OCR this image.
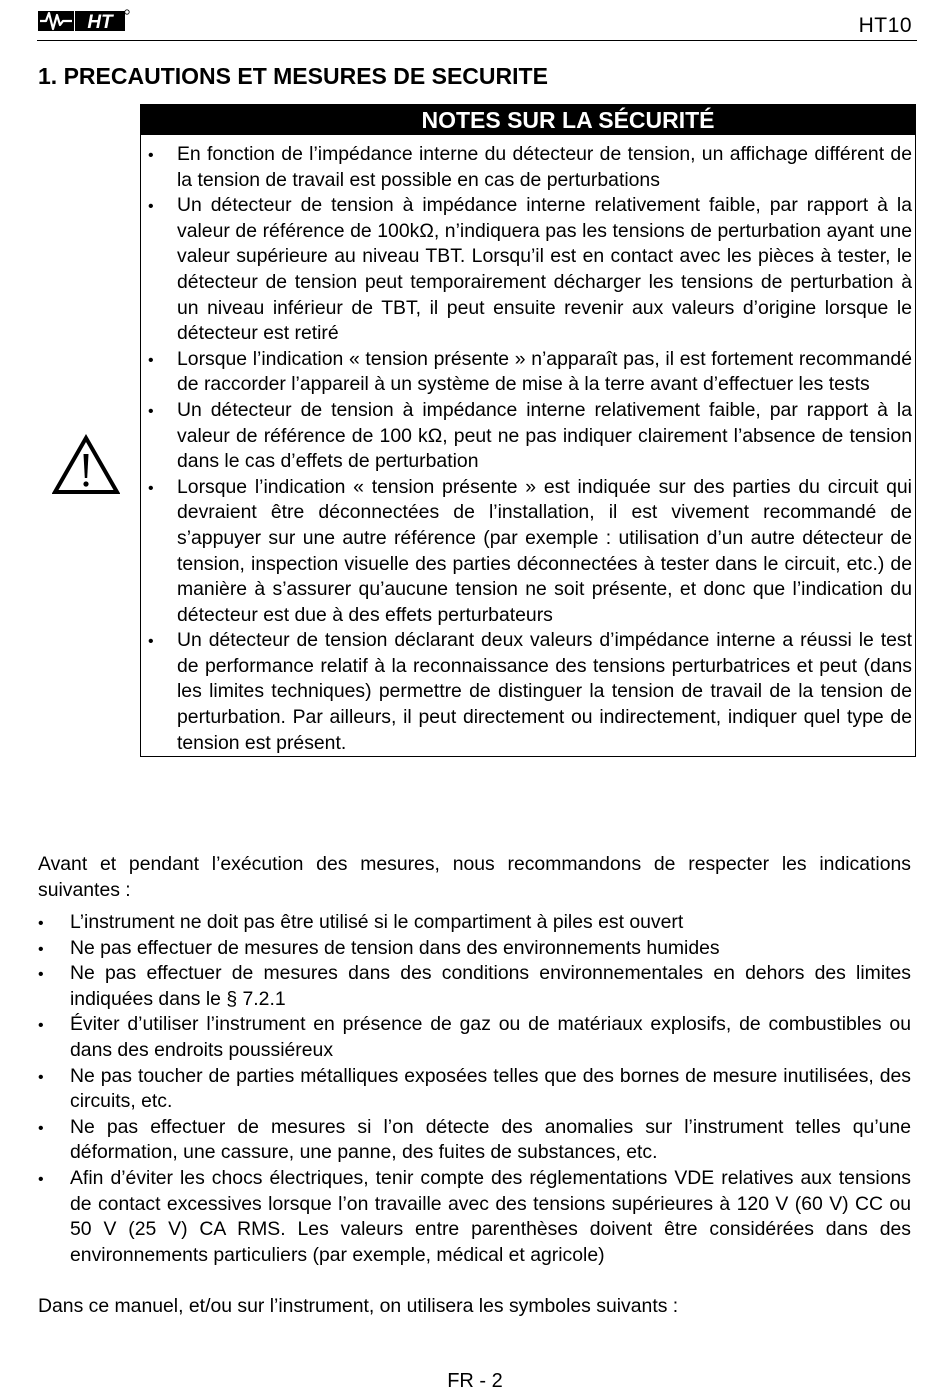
HT	HT10
1. PRECAUTIONS ET MESURES DE SECURITE
NOTES SUR LA SÉCURITÉ
• En fonction de l’impédance interne du détecteur de tension, un affichage différent de la tension de travail est possible en cas de perturbations
• Un détecteur de tension à impédance interne relativement faible, par rapport à la valeur de référence de 100kΩ, n’indiquera pas les tensions de perturbation ayant une valeur supérieure au niveau TBT. Lorsqu’il est en contact avec les pièces à tester, le détecteur de tension peut temporairement décharger les tensions de perturbation à un niveau inférieur de TBT, il peut ensuite revenir aux valeurs d’origine lorsque le détecteur est retiré
• Lorsque l’indication « tension présente » n’apparaît pas, il est fortement recommandé de raccorder l’appareil à un système de mise à la terre avant d’effectuer les tests
• Un détecteur de tension à impédance interne relativement faible, par rapport à la valeur de référence de 100 kΩ, peut ne pas indiquer clairement l’absence de tension dans le cas d’effets de perturbation
• Lorsque l’indication « tension présente » est indiquée sur des parties du circuit qui devraient être déconnectées de l’installation, il est vivement recommandé de s’appuyer sur une autre référence (par exemple : utilisation d’un autre détecteur de tension, inspection visuelle des parties déconnectées à tester dans le circuit, etc.) de manière à s’assurer qu’aucune tension ne soit présente, et donc que l’indication du détecteur est due à des effets perturbateurs
• Un détecteur de tension déclarant deux valeurs d’impédance interne a réussi le test de performance relatif à la reconnaissance des tensions perturbatrices et peut (dans les limites techniques) permettre de distinguer la tension de travail de la tension de perturbation. Par ailleurs, il peut directement ou indirectement, indiquer quel type de tension est présent.

Avant et pendant l’exécution des mesures, nous recommandons de respecter les indications suivantes :

• L’instrument ne doit pas être utilisé si le compartiment à piles est ouvert
• Ne pas effectuer de mesures de tension dans des environnements humides
• Ne pas effectuer de mesures dans des conditions environnementales en dehors des limites indiquées dans le § 7.2.1
• Éviter d’utiliser l’instrument en présence de gaz ou de matériaux explosifs, de combustibles ou dans des endroits poussiéreux
• Ne pas toucher de parties métalliques exposées telles que des bornes de mesure inutilisées, des circuits, etc.
• Ne pas effectuer de mesures si l’on détecte des anomalies sur l’instrument telles qu’une déformation, une cassure, une panne, des fuites de substances, etc.
• Afin d’éviter les chocs électriques, tenir compte des réglementations VDE relatives aux tensions de contact excessives lorsque l’on travaille avec des tensions supérieures à 120 V (60 V) CC ou 50 V (25 V) CA RMS. Les valeurs entre parenthèses doivent être considérées dans des environnements particuliers (par exemple, médical et agricole)

Dans ce manuel, et/ou sur l’instrument, on utilisera les symboles suivants :

FR - 2
